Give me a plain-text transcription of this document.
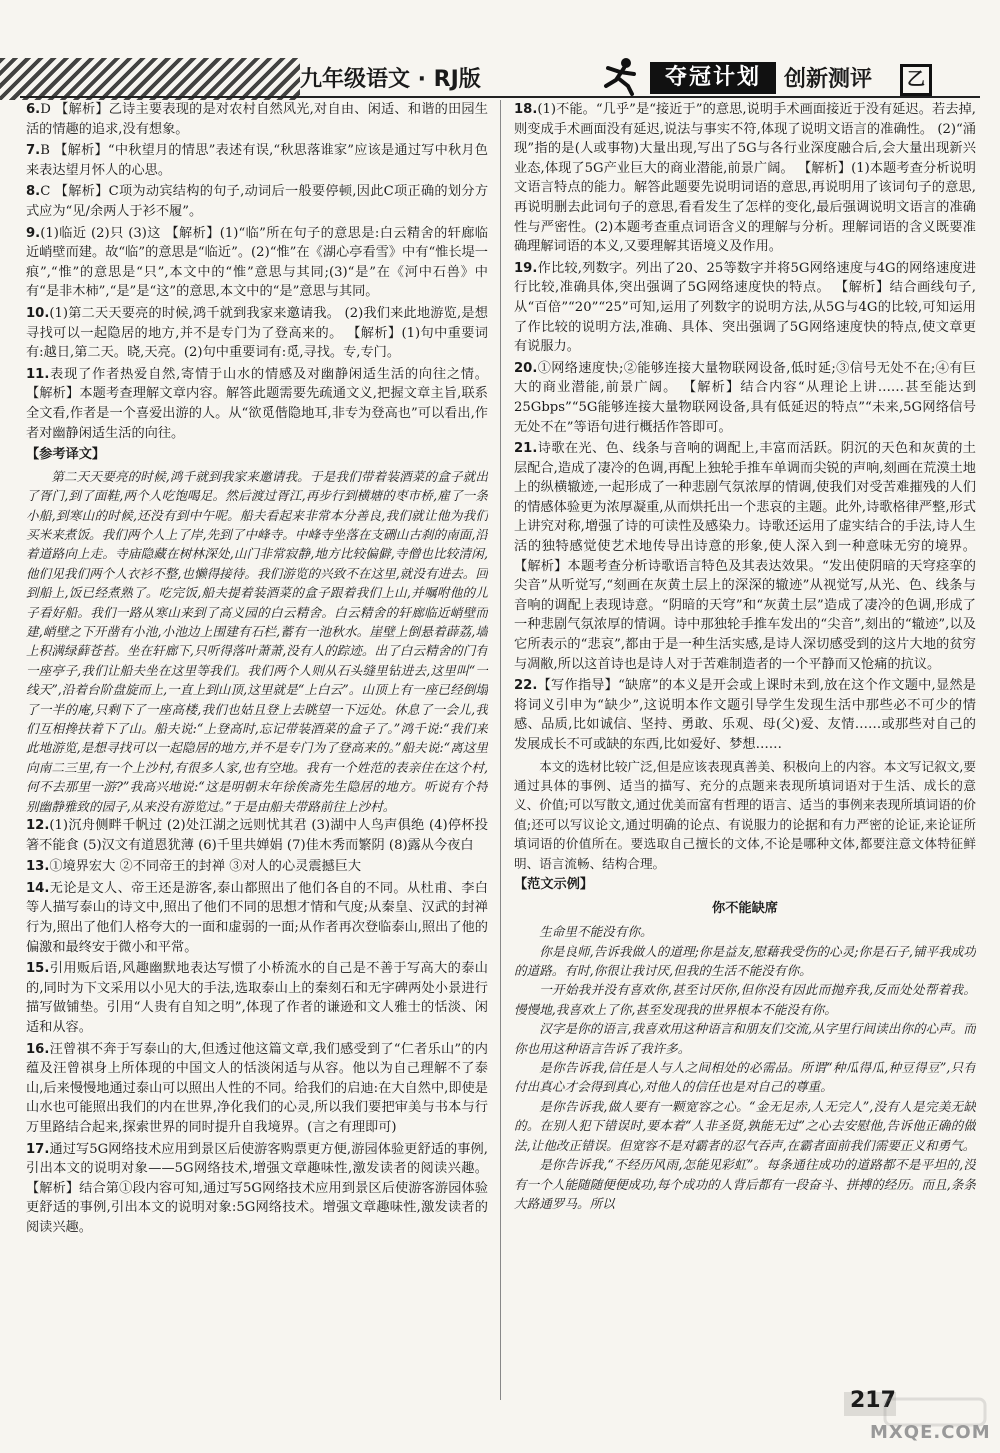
九年级语文 · RJ版	夺冠计划	创新测评	乙
6.D 【解析】乙诗主要表现的是对农村自然风光,对自由、闲适、和谐的田园生活的情趣的追求,没有想象。
7.B 【解析】“中秋望月的情思”表述有误,“秋思落谁家”应该是通过写中秋月色来表达望月怀人的心思。
8.C 【解析】C项为动宾结构的句子,动词后一般要停顿,因此C项正确的划分方式应为“见/余两人于衫不履”。
9.(1)临近 (2)只 (3)这 【解析】(1)“临”所在句子的意思是:白云精舍的轩廊临近峭壁而建。故“临”的意思是“临近”。(2)“惟”在《湖心亭看雪》中有“惟长堤一痕”,“惟”的意思是“只”,本文中的“惟”意思与其同;(3)“是”在《河中石兽》中有“是非木柿”,“是”是“这”的意思,本文中的“是”意思与其同。
10.(1)第二天天要亮的时候,鸿千就到我家来邀请我。 (2)我们来此地游览,是想寻找可以一起隐居的地方,并不是专门为了登高来的。 【解析】(1)句中重要词有:越日,第二天。晓,天亮。(2)句中重要词有:觅,寻找。专,专门。
11.表现了作者热爱自然,寄情于山水的情感及对幽静闲适生活的向往之情。 【解析】本题考查理解文章内容。解答此题需要先疏通文义,把握文章主旨,联系全文看,作者是一个喜爱出游的人。从“欲觅偕隐地耳,非专为登高也”可以看出,作者对幽静闲适生活的向往。
【参考译文】

第二天天要亮的时候,鸿千就到我家来邀请我。于是我们带着装酒菜的盒子就出了胥门,到了面鞋,两个人吃饱喝足。然后渡过胥江,再步行到横塘的枣市桥,雇了一条小船,到寒山的时候,还没有到中午呢。船夫看起来非常本分善良,我们就让他为我们买米来煮饭。我们两个人上了岸,先到了中峰寺。中峰寺坐落在支硎山古刹的南面,沿着道路向上走。寺庙隐藏在树林深处,山门非常寂静,地方比较偏僻,寺僧也比较清闲,他们见我们两个人衣衫不整,也懒得接待。我们游览的兴致不在这里,就没有进去。回到船上,饭已经煮熟了。吃完饭,船夫提着装酒菜的盒子跟着我们上山,并嘱咐他的儿子看好船。我们一路从寒山来到了高义园的白云精舍。白云精舍的轩廊临近峭壁而建,峭壁之下开凿有小池,小池边上围建有石栏,蓄有一池秋水。崖壁上倒悬着薜荔,墙上积满绿藓苍苔。坐在轩廊下,只听得落叶萧萧,没有人的踪迹。出了白云精舍的门有一座亭子,我们让船夫坐在这里等我们。我们两个人则从石头缝里钻进去,这里叫“一线天”,沿着台阶盘旋而上,一直上到山顶,这里就是“上白云”。山顶上有一座已经倒塌了一半的庵,只剩下了一座高楼,我们也姑且登上去眺望一下远处。休息了一会儿,我们互相搀扶着下了山。船夫说:“上登高时,忘记带装酒菜的盒子了。”鸿千说:“我们来此地游览,是想寻找可以一起隐居的地方,并不是专门为了登高来的。”船夫说:“离这里向南二三里,有一个上沙村,有很多人家,也有空地。我有一个姓范的表亲住在这个村,何不去那里一游?”我高兴地说:“这是明朝末年徐俟斋先生隐居的地方。听说有个特别幽静雅致的园子,从来没有游览过。”于是由船夫带路前往上沙村。

12.(1)沉舟侧畔千帆过 (2)处江湖之远则忧其君 (3)湖中人鸟声俱绝 (4)停杯投箸不能食 (5)汉文有道恩犹薄 (6)千里共婵娟 (7)佳木秀而繁阴 (8)露从今夜白
13.①境界宏大 ②不同帝王的封禅 ③对人的心灵震撼巨大
14.无论是文人、帝王还是游客,泰山都照出了他们各自的不同。从杜甫、李白等人描写泰山的诗文中,照出了他们不同的思想才情和气度;从秦皇、汉武的封禅行为,照出了他们人格夸大的一面和虚弱的一面;从作者再次登临泰山,照出了他的偏激和最终安于微小和平常。
15.引用贩后语,风趣幽默地表达写惯了小桥流水的自己是不善于写高大的泰山的,同时为下文采用以小见大的手法,选取泰山上的秦刻石和无字碑两处小景进行描写做铺垫。引用“人贵有自知之明”,体现了作者的谦逊和文人雅士的恬淡、闲适和从容。
16.汪曾祺不奔于写泰山的大,但透过他这篇文章,我们感受到了“仁者乐山”的内蕴及汪曾祺身上所体现的中国文人的恬淡闲适与从容。他以为自己理解不了泰山,后来慢慢地通过泰山可以照出人性的不同。给我们的启迪:在大自然中,即使是山水也可能照出我们的内在世界,净化我们的心灵,所以我们要把审美与书本与行万里路结合起来,探索世界的同时提升自我境界。(言之有理即可)
17.通过写5G网络技术应用到景区后使游客购票更方便,游园体验更舒适的事例,引出本文的说明对象——5G网络技术,增强文章趣味性,激发读者的阅读兴趣。 【解析】结合第①段内容可知,通过写5G网络技术应用到景区后使游客游园体验更舒适的事例,引出本文的说明对象:5G网络技术。增强文章趣味性,激发读者的阅读兴趣。
18.(1)不能。“几乎”是“接近于”的意思,说明手术画面接近于没有延迟。若去掉,则变成手术画面没有延迟,说法与事实不符,体现了说明文语言的准确性。 (2)“涌现”指的是(人或事物)大量出现,写出了5G与各行业深度融合后,会大量出现新兴业态,体现了5G产业巨大的商业潜能,前景广阔。 【解析】(1)本题考查分析说明文语言特点的能力。解答此题要先说明词语的意思,再说明用了该词句子的意思,再说明删去此词句子的意思,看看发生了怎样的变化,最后强调说明文语言的准确性与严密性。(2)本题考查重点词语含义的理解与分析。理解词语的含义既要准确理解词语的本义,又要理解其语境义及作用。
19.作比较,列数字。列出了20、25等数字并将5G网络速度与4G的网络速度进行比较,准确具体,突出强调了5G网络速度快的特点。 【解析】结合画线句子,从“百倍”“20”“25”可知,运用了列数字的说明方法,从5G与4G的比较,可知运用了作比较的说明方法,准确、具体、突出强调了5G网络速度快的特点,使文章更有说服力。
20.①网络速度快;②能够连接大量物联网设备,低时延;③信号无处不在;④有巨大的商业潜能,前景广阔。 【解析】结合内容“从理论上讲……甚至能达到25Gbps”“5G能够连接大量物联网设备,具有低延迟的特点”“未来,5G网络信号无处不在”等语句进行概括作答即可。
21.诗歌在光、色、线条与音响的调配上,丰富而活跃。阴沉的天色和灰黄的土层配合,造成了凄冷的色调,再配上独轮手推车单调而尖锐的声响,刻画在荒漠土地上的纵横辙迹,一起形成了一种悲剧气氛浓厚的情调,使我们对受苦难摧残的人们的情感体验更为浓厚凝重,从而烘托出一个悲哀的主题。此外,诗歌格律严整,形式上讲究对称,增强了诗的可读性及感染力。诗歌还运用了虚实结合的手法,诗人生活的独特感觉使艺术地传导出诗意的形象,使人深入到一种意味无穷的境界。 【解析】本题考查分析诗歌语言特色及其表达效果。“发出使阴暗的天穹痉挛的尖音”从听觉写,“刻画在灰黄土层上的深深的辙迹”从视觉写,从光、色、线条与音响的调配上表现诗意。“阴暗的天穹”和“灰黄土层”造成了凄冷的色调,形成了一种悲剧气氛浓厚的情调。诗中那独轮手推车发出的“尖音”,刻出的“辙迹”,以及它所表示的“悲哀”,都由于是一种生活实感,是诗人深切感受到的这片大地的贫穷与凋敝,所以这首诗也是诗人对于苦难制造者的一个平静而又怆痛的抗议。
22.【写作指导】“缺席”的本义是开会或上课时未到,放在这个作文题中,显然是将词义引申为“缺少”,这说明本作文题引导学生发现生活中那些必不可少的情感、品质,比如诚信、坚持、勇敢、乐观、母(父)爱、友情……或那些对自己的发展成长不可或缺的东西,比如爱好、梦想……

本文的选材比较广泛,但是应该表现真善美、积极向上的内容。本文写记叙文,要通过具体的事例、适当的描写、充分的点题来表现所填词语对于生活、成长的意义、价值;可以写散文,通过优美而富有哲理的语言、适当的事例来表现所填词语的价值;还可以写议论文,通过明确的论点、有说服力的论据和有力严密的论证,来论证所填词语的价值所在。要选取自己擅长的文体,不论是哪种文体,都要注意文体特征鲜明、语言流畅、结构合理。

【范文示例】
你不能缺席

生命里不能没有你。

你是良师,告诉我做人的道理;你是益友,慰藉我受伤的心灵;你是石子,铺平我成功的道路。有时,你很让我讨厌,但我的生活不能没有你。

一开始我并没有喜欢你,甚至讨厌你,但你没有因此而抛弃我,反而处处帮着我。慢慢地,我喜欢上了你,甚至发现我的世界根本不能没有你。

汉字是你的语言,我喜欢用这种语言和朋友们交流,从字里行间读出你的心声。而你也用这种语言告诉了我许多。

是你告诉我,信任是人与人之间相处的必需品。所谓“种瓜得瓜,种豆得豆”,只有付出真心才会得到真心,对他人的信任也是对自己的尊重。

是你告诉我,做人要有一颗宽容之心。“金无足赤,人无完人”,没有人是完美无缺的。在别人犯下错误时,要本着“人非圣贤,孰能无过”之心去安慰他,告诉他正确的做法,让他改正错误。但宽容不是对霸者的忍气吞声,在霸者面前我们需要正义和勇气。

是你告诉我,“不经历风雨,怎能见彩虹”。每条通往成功的道路都不是平坦的,没有一个人能随随便便成功,每个成功的人背后都有一段奋斗、拼搏的经历。而且,条条大路通罗马。所以

217
MXQE.COM
